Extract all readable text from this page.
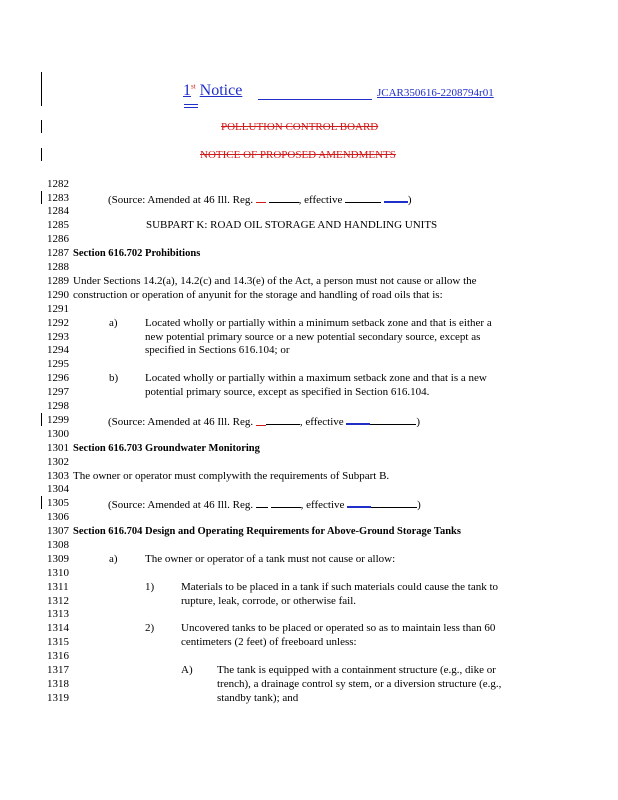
1st Notice	JCAR350616-2208794r01
POLLUTION CONTROL BOARD
NOTICE OF PROPOSED AMENDMENTS
1282
1283
1284
1285
1286
1287
1288
1289
1290
1291
1292
1293
1294
1295
1296
1297
1298
1299
1300
1301
1302
1303
1304
1305
1306
1307
1308
1309
1310
1311
1312
1313
1314
1315
1316
1317
1318
1319
(Source: Amended at 46 Ill. Reg.	, effective	)
SUBPART K: ROAD OIL STORAGE AND HANDLING UNITS
Section 616.702 Prohibitions
Under Sections 14.2(a), 14.2(c) and 14.3(e) of the Act, a person must not cause or allow the
construction or operation of anyunit for the storage and handling of road oils that is:
a) Located wholly or partially within a minimum setback zone and that is either a
new potential primary source or a new potential secondary source, except as
specified in Sections 616.104; or
b) Located wholly or partially within a maximum setback zone and that is a new
potential primary source, except as specified in Section 616.104.
(Source: Amended at 46 Ill. Reg.	, effective	)
Section 616.703 Groundwater Monitoring
The owner or operator must complywith the requirements of Subpart B.
(Source: Amended at 46 Ill. Reg.	, effective	)
Section 616.704 Design and Operating Requirements for Above-Ground Storage Tanks
a) The owner or operator of a tank must not cause or allow:
1) Materials to be placed in a tank if such materials could cause the tank to
rupture, leak, corrode, or otherwise fail.
2) Uncovered tanks to be placed or operated so as to maintain less than 60
centimeters (2 feet) of freeboard unless:
A) The tank is equipped with a containment structure (e.g., dike or
trench), a drainage control sy stem, or a diversion structure (e.g.,
standby tank); and
